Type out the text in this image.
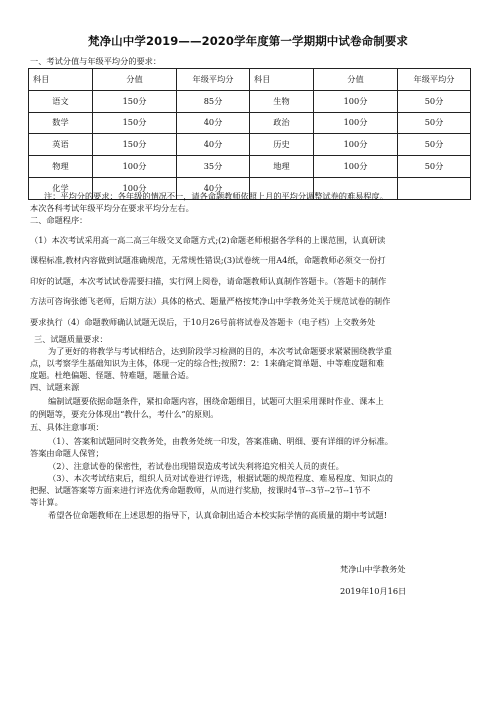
梵净山中学2019——2020学年度第一学期期中试卷命制要求
一、考试分值与年级平均分的要求：
科目	分值	年级平均分	科目	分值	年级平均分
语文	150分	85分	生物	100分	50分
数学	150分	40分	政治	100分	50分
英语	150分	40分	历史	100分	50分
物理	100分	35分	地理	100分	50分
化学	100分	40分			
注：平均分的要求：各年级的情况不一，请各命题教师依照上月的平均分调整试卷的难易程度。
本次各科考试年级平均分在要求平均分左右。
二、命题程序：
（1）本次考试采用高一高二高三年级交叉命题方式;(2)命题老师根据各学科的上课范围，认真研读
课程标准,教材内容做到试题准确规范，无常规性错误;(3)试卷统一用A4纸，命题教师必须交一份打
印好的试题，本次考试试卷需要扫描，实行网上阅卷，请命题教师认真制作答题卡。（答题卡的制作
方法可咨询张德飞老师，后期方法）具体的格式、题量严格按梵净山中学教务处关于规范试卷的制作
要求执行（4）命题教师确认试题无误后，于10月26号前将试卷及答题卡（电子档）上交教务处
三、试题质量要求：
为了更好的将教学与考试相结合，达到阶段学习检测的目的，本次考试命题要求紧紧围绕教学重
点，以考察学生基础知识为主体，体现一定的综合性;按照7：2：1来确定简单题、中等难度题和难
度题。杜绝偏题、怪题、特难题，题量合适。
四、试题来源
编制试题要依据命题条件，紧扣命题内容，围绕命题细目，试题可大胆采用课时作业、课本上
的例题等，要充分体现出“教什么，考什么”的原则。
五、具体注意事项：
（1）、答案和试题同时交教务处，由教务处统一印发，答案准确、明细、要有详细的评分标准。
答案由命题人保管；
（2）、注意试卷的保密性，若试卷出现错误造成考试失利将追究相关人员的责任。
（3）、本次考试结束后，组织人员对试卷进行评选，根据试题的规范程度、难易程度、知识点的
把握、试题答案等方面来进行评选优秀命题教师，从而进行奖励，按课时4节--3节--2节--1节不
等计算。
希望各位命题教师在上述思想的指导下，认真命制出适合本校实际学情的高质量的期中考试题!
梵净山中学教务处
2019年10月16日
